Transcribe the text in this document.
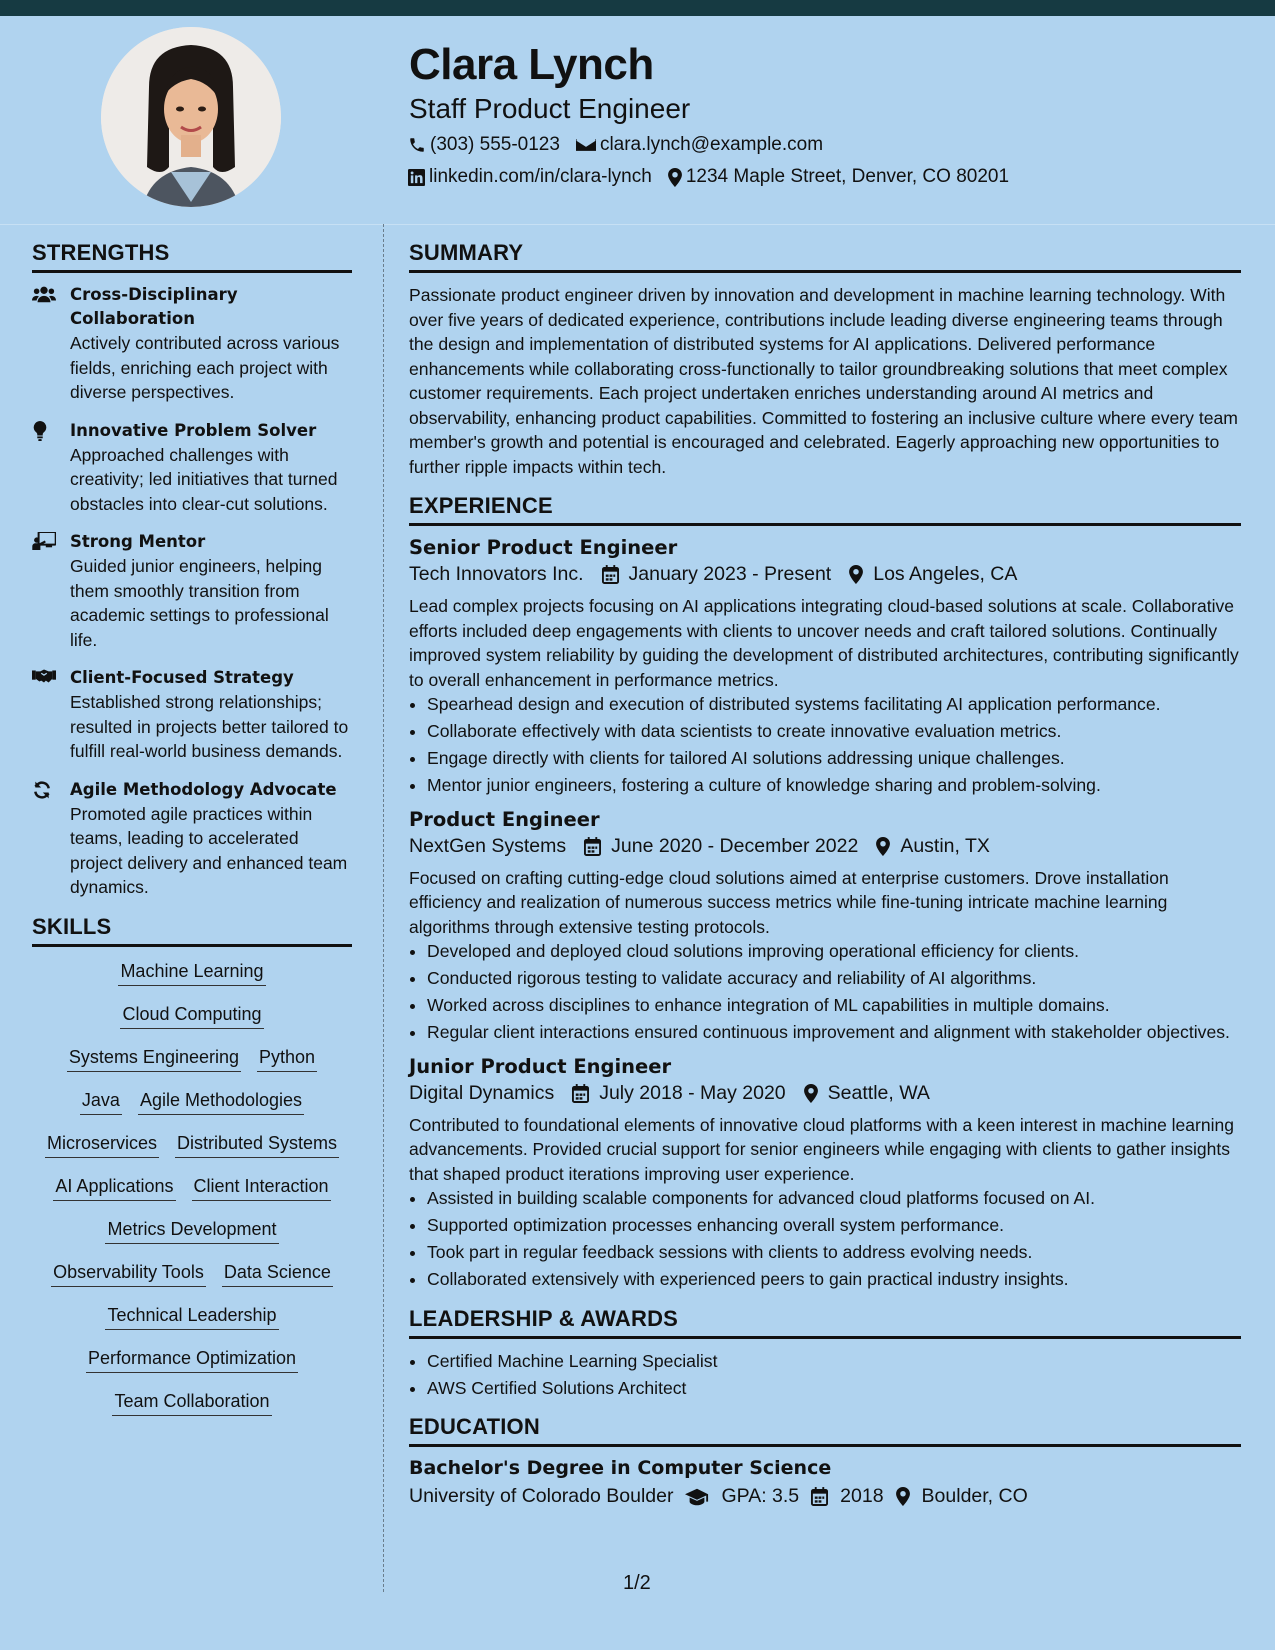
Clara Lynch
Staff Product Engineer
(303) 555-0123 clara.lynch@example.com
linkedin.com/in/clara-lynch 1234 Maple Street, Denver, CO 80201
STRENGTHS
Cross-Disciplinary Collaboration
Actively contributed across various fields, enriching each project with diverse perspectives.
Innovative Problem Solver
Approached challenges with creativity; led initiatives that turned obstacles into clear-cut solutions.
Strong Mentor
Guided junior engineers, helping them smoothly transition from academic settings to professional life.
Client-Focused Strategy
Established strong relationships; resulted in projects better tailored to fulfill real-world business demands.
Agile Methodology Advocate
Promoted agile practices within teams, leading to accelerated project delivery and enhanced team dynamics.
SKILLS
Machine Learning
Cloud Computing
Systems Engineering Python
Java Agile Methodologies
Microservices Distributed Systems
AI Applications Client Interaction
Metrics Development
Observability Tools Data Science
Technical Leadership
Performance Optimization
Team Collaboration
SUMMARY
Passionate product engineer driven by innovation and development in machine learning technology. With over five years of dedicated experience, contributions include leading diverse engineering teams through the design and implementation of distributed systems for AI applications. Delivered performance enhancements while collaborating cross-functionally to tailor groundbreaking solutions that meet complex customer requirements. Each project undertaken enriches understanding around AI metrics and observability, enhancing product capabilities. Committed to fostering an inclusive culture where every team member's growth and potential is encouraged and celebrated. Eagerly approaching new opportunities to further ripple impacts within tech.
EXPERIENCE
Senior Product Engineer
Tech Innovators Inc. January 2023 - Present Los Angeles, CA
Lead complex projects focusing on AI applications integrating cloud-based solutions at scale. Collaborative efforts included deep engagements with clients to uncover needs and craft tailored solutions. Continually improved system reliability by guiding the development of distributed architectures, contributing significantly to overall enhancement in performance metrics.
• Spearhead design and execution of distributed systems facilitating AI application performance.
• Collaborate effectively with data scientists to create innovative evaluation metrics.
• Engage directly with clients for tailored AI solutions addressing unique challenges.
• Mentor junior engineers, fostering a culture of knowledge sharing and problem-solving.
Product Engineer
NextGen Systems June 2020 - December 2022 Austin, TX
Focused on crafting cutting-edge cloud solutions aimed at enterprise customers. Drove installation efficiency and realization of numerous success metrics while fine-tuning intricate machine learning algorithms through extensive testing protocols.
• Developed and deployed cloud solutions improving operational efficiency for clients.
• Conducted rigorous testing to validate accuracy and reliability of AI algorithms.
• Worked across disciplines to enhance integration of ML capabilities in multiple domains.
• Regular client interactions ensured continuous improvement and alignment with stakeholder objectives.
Junior Product Engineer
Digital Dynamics July 2018 - May 2020 Seattle, WA
Contributed to foundational elements of innovative cloud platforms with a keen interest in machine learning advancements. Provided crucial support for senior engineers while engaging with clients to gather insights that shaped product iterations improving user experience.
• Assisted in building scalable components for advanced cloud platforms focused on AI.
• Supported optimization processes enhancing overall system performance.
• Took part in regular feedback sessions with clients to address evolving needs.
• Collaborated extensively with experienced peers to gain practical industry insights.
LEADERSHIP & AWARDS
• Certified Machine Learning Specialist
• AWS Certified Solutions Architect
EDUCATION
Bachelor's Degree in Computer Science
University of Colorado Boulder GPA: 3.5 2018 Boulder, CO
1/2
